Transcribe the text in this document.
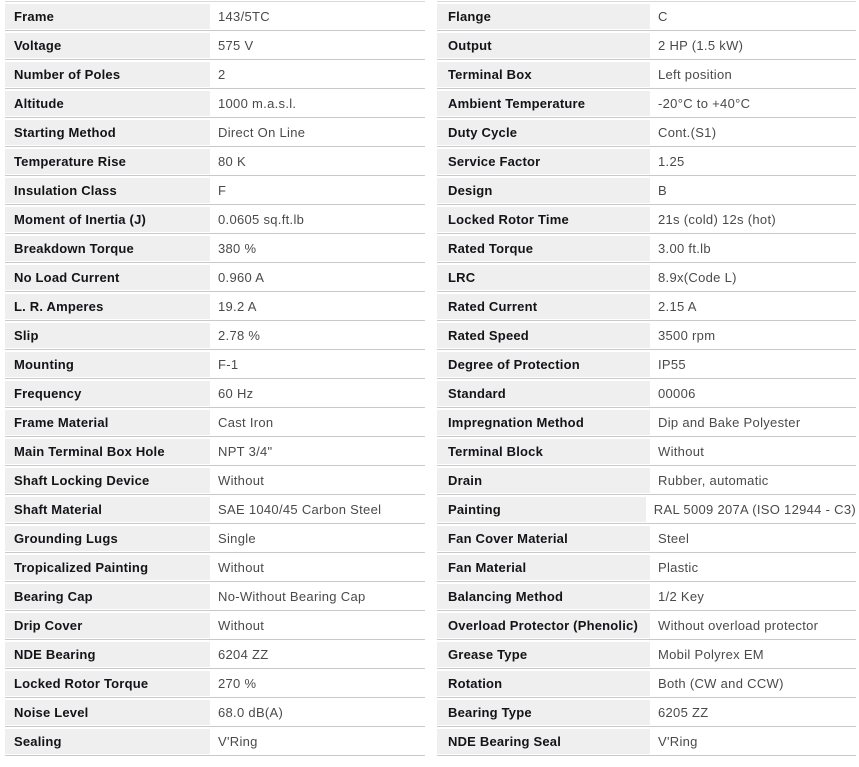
Frame	143/5TC
Voltage	575 V
Number of Poles	2
Altitude	1000 m.a.s.l.
Starting Method	Direct On Line
Temperature Rise	80 K
Insulation Class	F
Moment of Inertia (J)	0.0605 sq.ft.lb
Breakdown Torque	380 %
No Load Current	0.960 A
L. R. Amperes	19.2 A
Slip	2.78 %
Mounting	F-1
Frequency	60 Hz
Frame Material	Cast Iron
Main Terminal Box Hole	NPT 3/4"
Shaft Locking Device	Without
Shaft Material	SAE 1040/45 Carbon Steel
Grounding Lugs	Single
Tropicalized Painting	Without
Bearing Cap	No-Without Bearing Cap
Drip Cover	Without
NDE Bearing	6204 ZZ
Locked Rotor Torque	270 %
Noise Level	68.0 dB(A)
Sealing	V'Ring
Flange	C
Output	2 HP (1.5 kW)
Terminal Box	Left position
Ambient Temperature	-20°C to +40°C
Duty Cycle	Cont.(S1)
Service Factor	1.25
Design	B
Locked Rotor Time	21s (cold) 12s (hot)
Rated Torque	3.00 ft.lb
LRC	8.9x(Code L)
Rated Current	2.15 A
Rated Speed	3500 rpm
Degree of Protection	IP55
Standard	00006
Impregnation Method	Dip and Bake Polyester
Terminal Block	Without
Drain	Rubber, automatic
Painting	RAL 5009 207A (ISO 12944 - C3)
Fan Cover Material	Steel
Fan Material	Plastic
Balancing Method	1/2 Key
Overload Protector (Phenolic)	Without overload protector
Grease Type	Mobil Polyrex EM
Rotation	Both (CW and CCW)
Bearing Type	6205 ZZ
NDE Bearing Seal	V'Ring
